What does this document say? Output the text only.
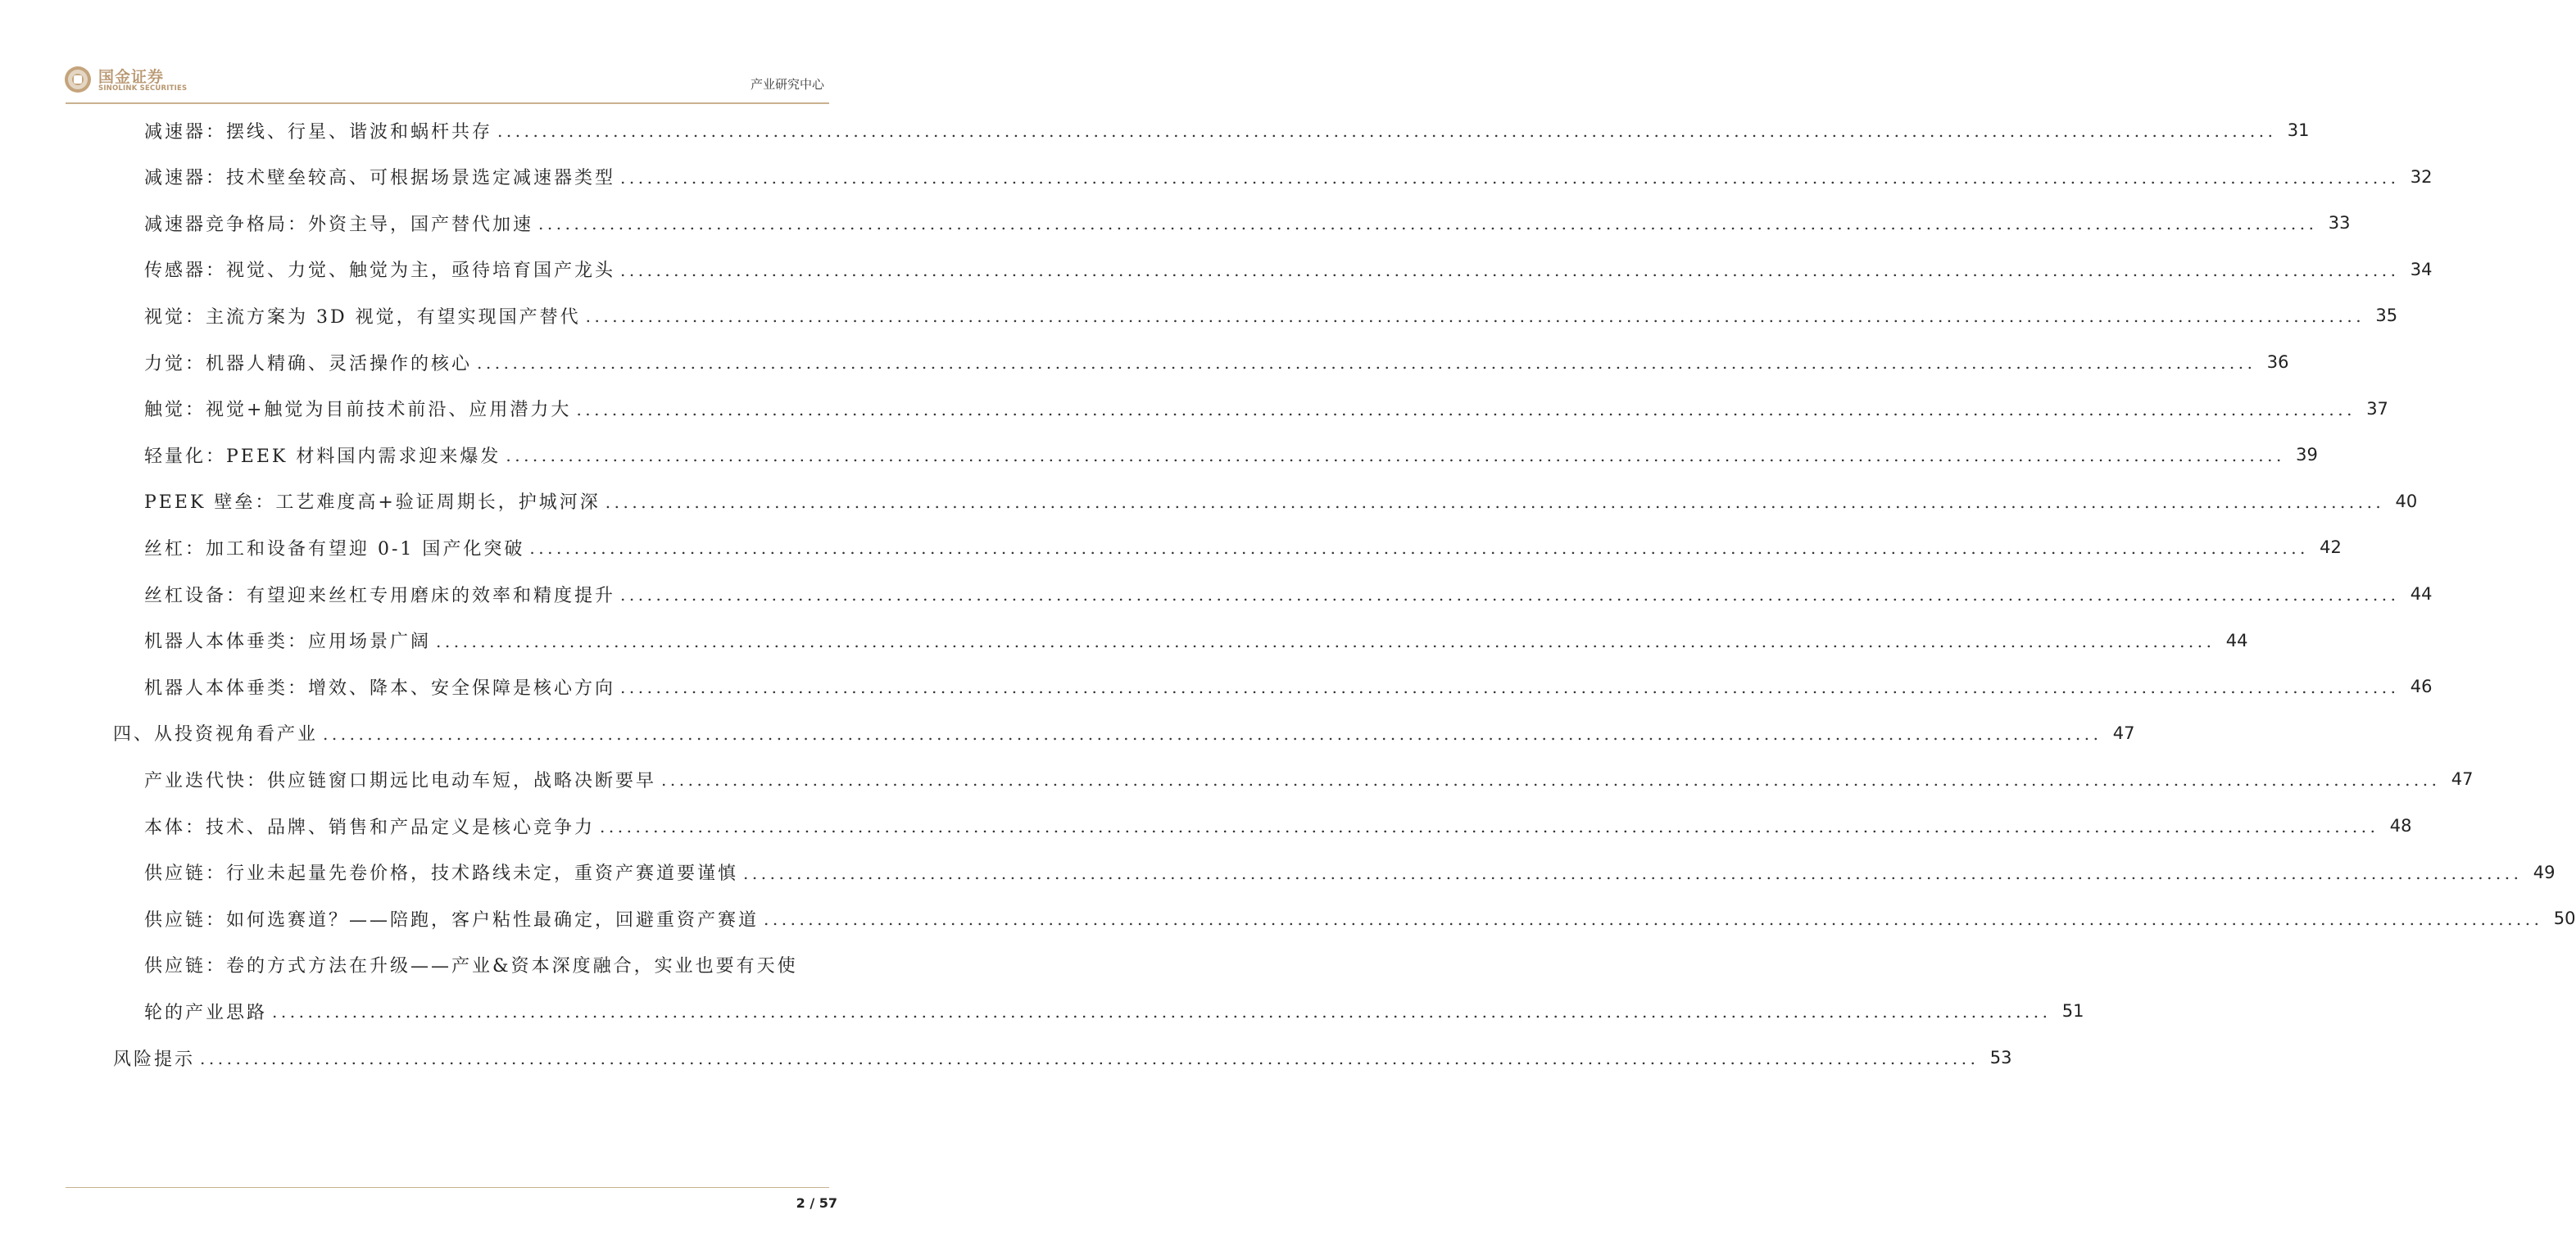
国金证券
SINOLINK SECURITIES	产业研究中心
减速器：摆线、行星、谐波和蜗杆共存 ........................................................................................................................................................................................................ 31
减速器：技术壁垒较高、可根据场景选定减速器类型 ........................................................................................................................................................................................................ 32
减速器竞争格局：外资主导，国产替代加速 ........................................................................................................................................................................................................ 33
传感器：视觉、力觉、触觉为主，亟待培育国产龙头 ........................................................................................................................................................................................................ 34
视觉：主流方案为 3D 视觉，有望实现国产替代 ........................................................................................................................................................................................................ 35
力觉：机器人精确、灵活操作的核心 ........................................................................................................................................................................................................ 36
触觉：视觉+触觉为目前技术前沿、应用潜力大 ........................................................................................................................................................................................................ 37
轻量化：PEEK 材料国内需求迎来爆发 ........................................................................................................................................................................................................ 39
PEEK 壁垒：工艺难度高+验证周期长，护城河深 ........................................................................................................................................................................................................ 40
丝杠：加工和设备有望迎 0-1 国产化突破 ........................................................................................................................................................................................................ 42
丝杠设备：有望迎来丝杠专用磨床的效率和精度提升 ........................................................................................................................................................................................................ 44
机器人本体垂类：应用场景广阔 ........................................................................................................................................................................................................ 44
机器人本体垂类：增效、降本、安全保障是核心方向 ........................................................................................................................................................................................................ 46
四、从投资视角看产业 ........................................................................................................................................................................................................ 47
产业迭代快：供应链窗口期远比电动车短，战略决断要早 ........................................................................................................................................................................................................ 47
本体：技术、品牌、销售和产品定义是核心竞争力 ........................................................................................................................................................................................................ 48
供应链：行业未起量先卷价格，技术路线未定，重资产赛道要谨慎 ........................................................................................................................................................................................................ 49
供应链：如何选赛道？——陪跑，客户粘性最确定，回避重资产赛道 ........................................................................................................................................................................................................ 50
供应链：卷的方式方法在升级——产业&资本深度融合，实业也要有天使
轮的产业思路 ........................................................................................................................................................................................................ 51
风险提示 ........................................................................................................................................................................................................ 53
2 / 57
